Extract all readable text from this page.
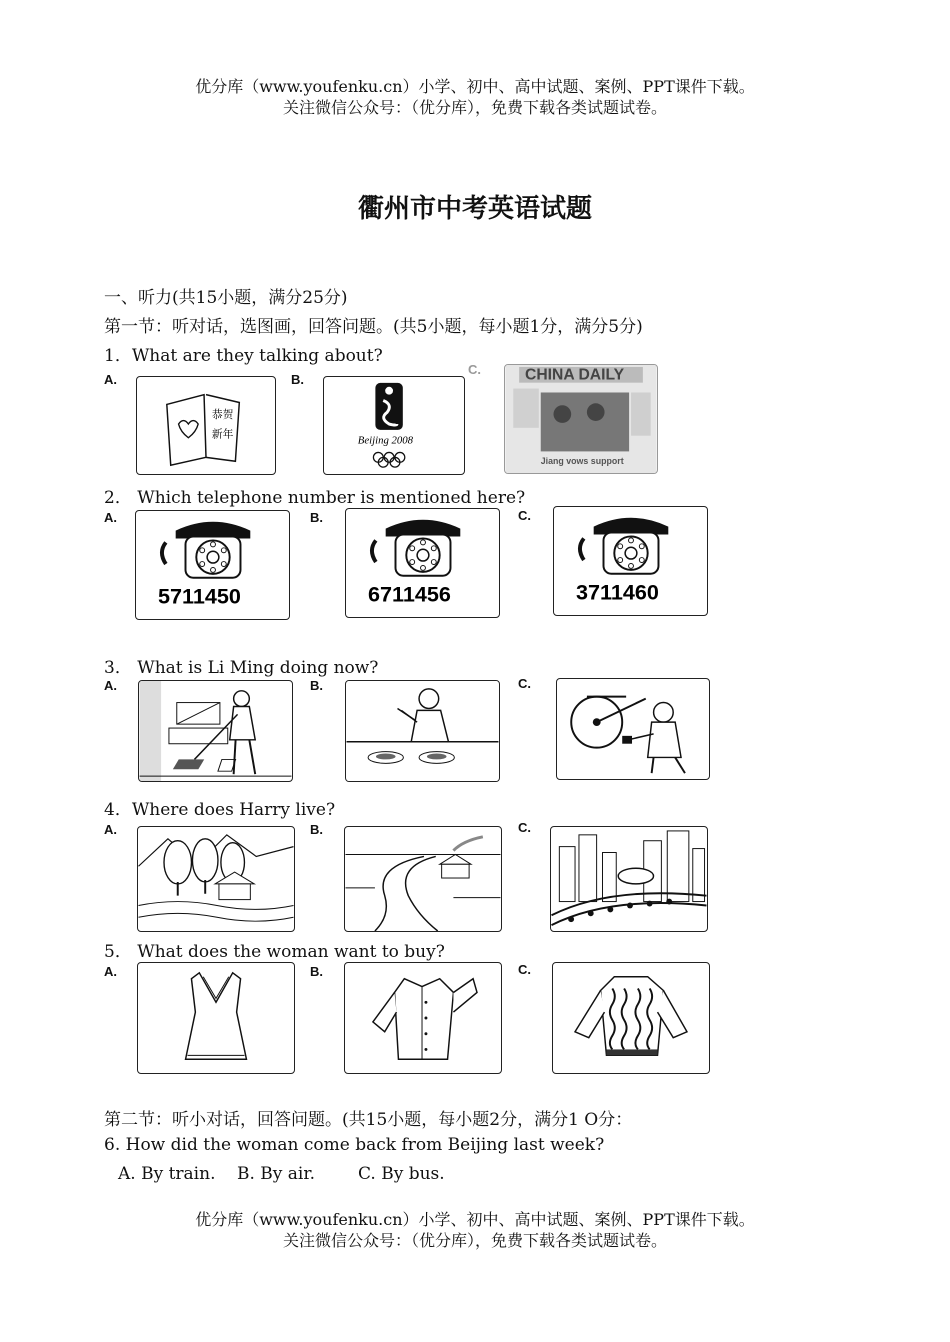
优分库（www.youfenku.cn）小学、初中、高中试题、案例、PPT课件下载。
关注微信公众号：（优分库），免费下载各类试题试卷。
衢州市中考英语试题
一、听力(共15小题，满分25分)
第一节：听对话，选图画，回答问题。(共5小题，每小题1分，满分5分)
1．What are they talking about?
A.
恭贺
新年
B.
Beijing 2008
C.	CHINA DAILY
Jiang vows support
2． Which telephone number is mentioned here?
A.
5711450
B.
6711456
C.
3711460
3． What is Li Ming doing now?
A.	B.	C.
4．Where does Harry live?
A.	B.	C.
5． What does the woman want to buy?
A.	B.	C.
第二节：听小对话，回答问题。(共15小题，每小题2分，满分1 O分：
6. How did the woman come back from Beijing last week?
A. By train. B. By air.	C. By bus.
优分库（www.youfenku.cn）小学、初中、高中试题、案例、PPT课件下载。
关注微信公众号：（优分库），免费下载各类试题试卷。
